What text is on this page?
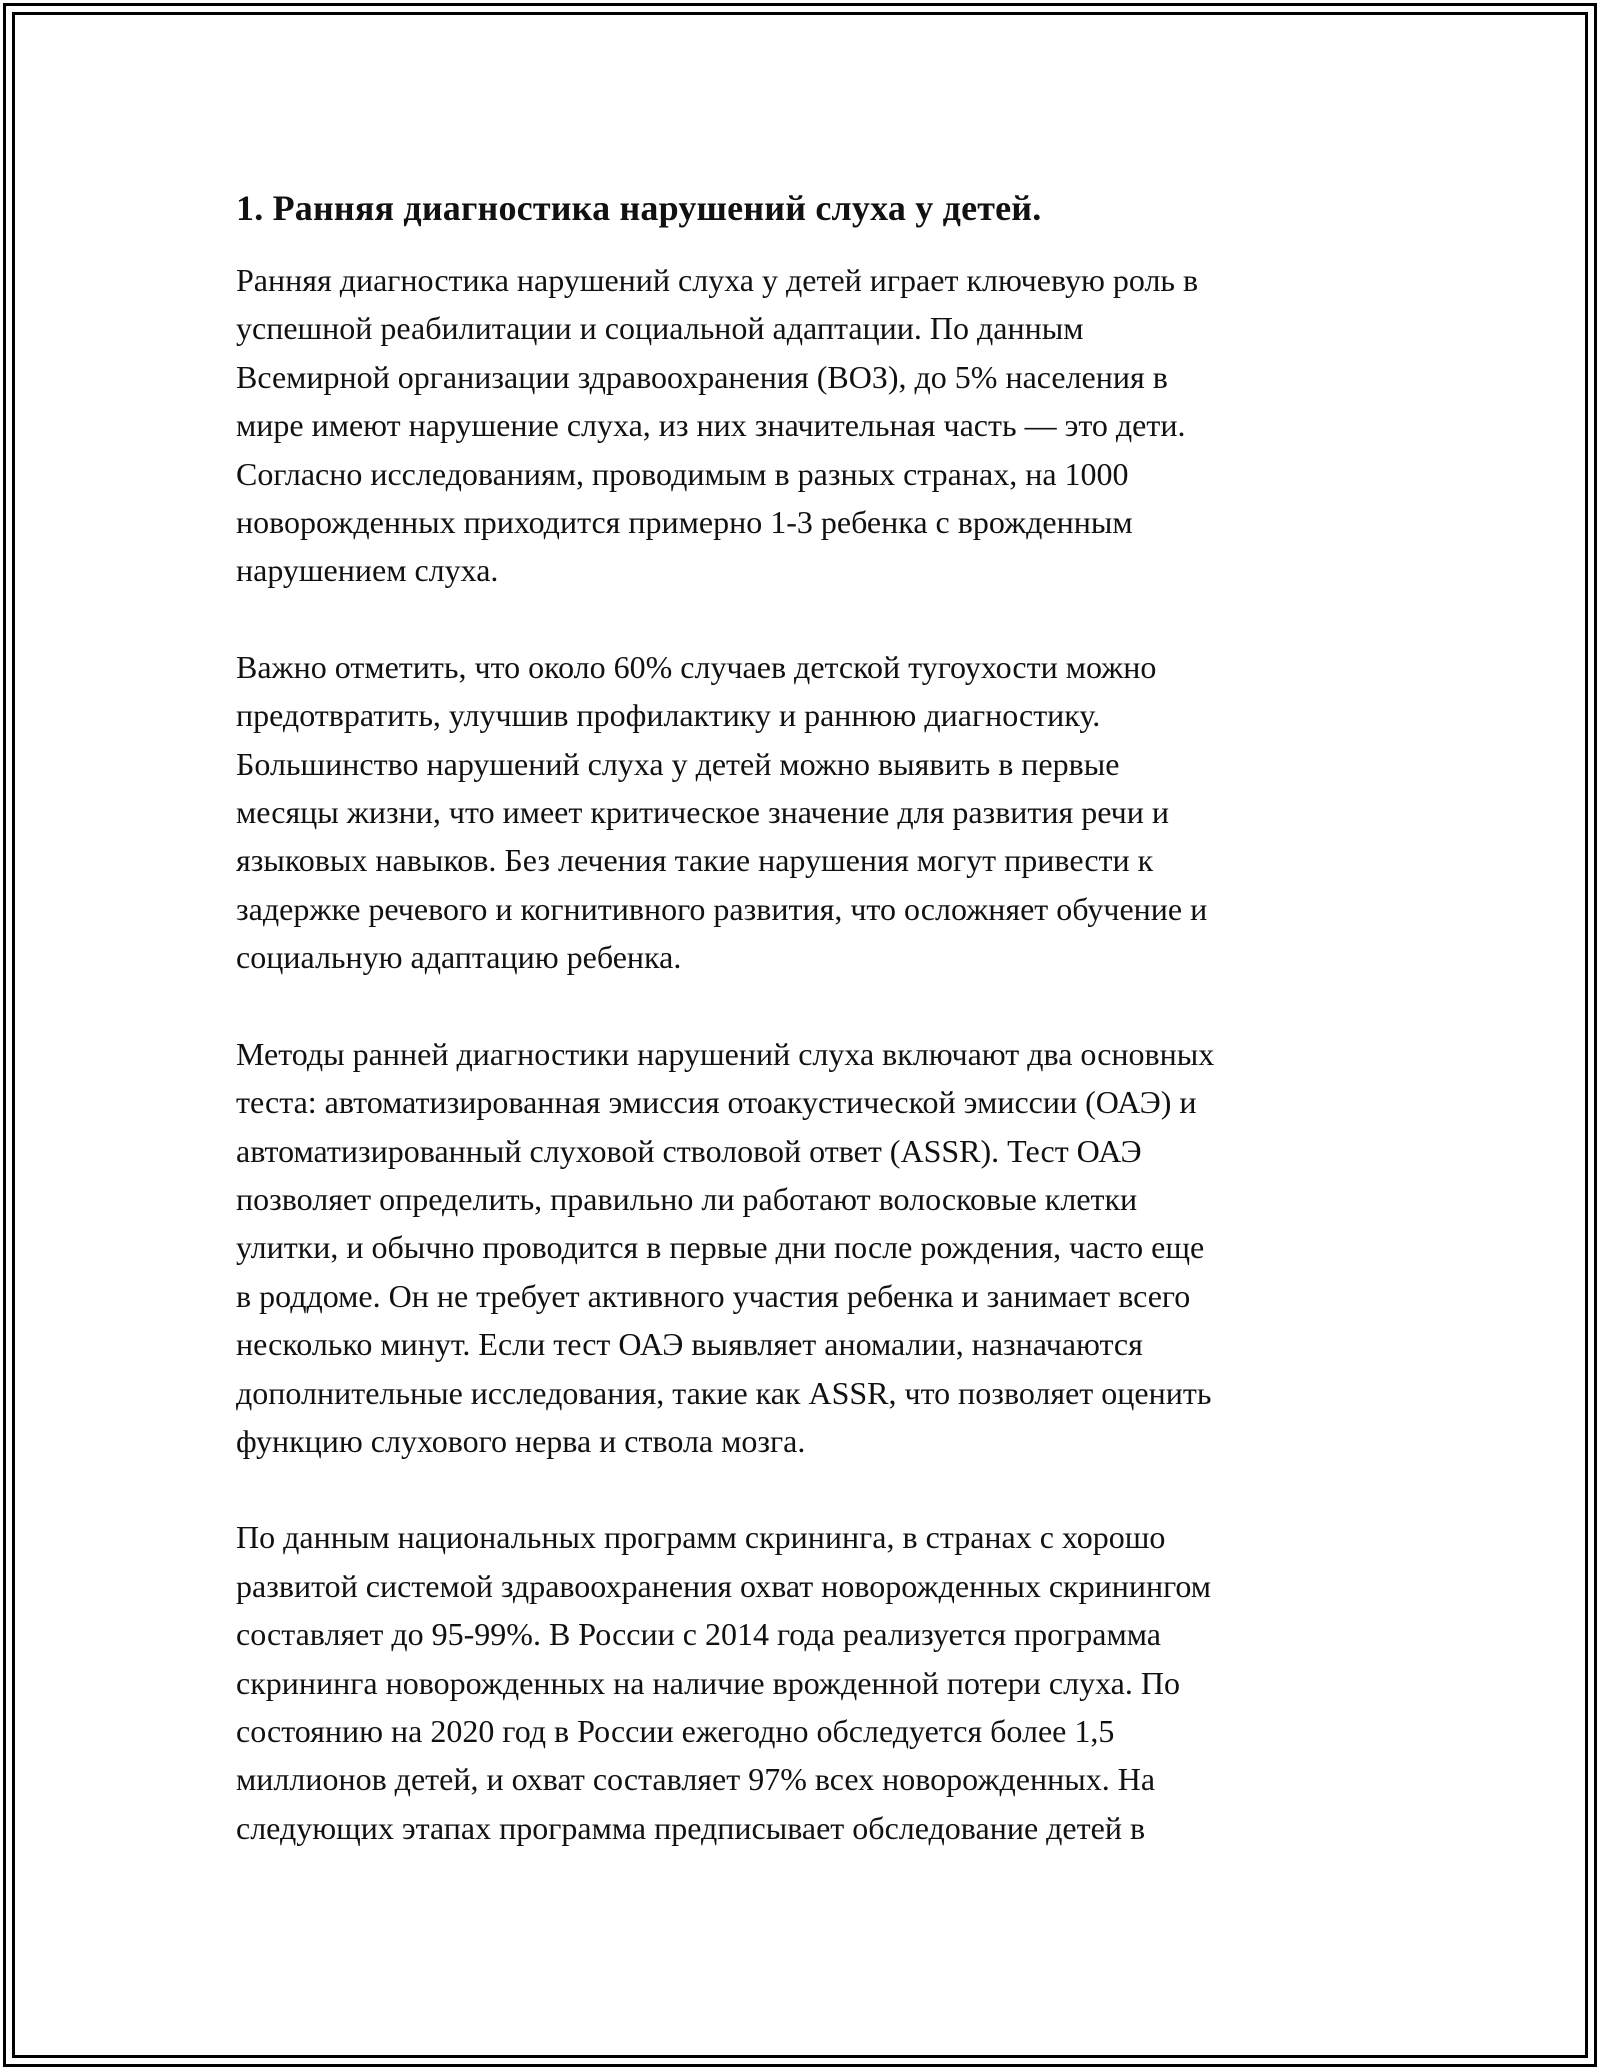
1. Ранняя диагностика нарушений слуха у детей.

Ранняя диагностика нарушений слуха у детей играет ключевую роль в
успешной реабилитации и социальной адаптации. По данным
Всемирной организации здравоохранения (ВОЗ), до 5% населения в
мире имеют нарушение слуха, из них значительная часть — это дети.
Согласно исследованиям, проводимым в разных странах, на 1000
новорожденных приходится примерно 1-3 ребенка с врожденным
нарушением слуха.

Важно отметить, что около 60% случаев детской тугоухости можно
предотвратить, улучшив профилактику и раннюю диагностику.
Большинство нарушений слуха у детей можно выявить в первые
месяцы жизни, что имеет критическое значение для развития речи и
языковых навыков. Без лечения такие нарушения могут привести к
задержке речевого и когнитивного развития, что осложняет обучение и
социальную адаптацию ребенка.

Методы ранней диагностики нарушений слуха включают два основных
теста: автоматизированная эмиссия отоакустической эмиссии (ОАЭ) и
автоматизированный слуховой стволовой ответ (ASSR). Тест ОАЭ
позволяет определить, правильно ли работают волосковые клетки
улитки, и обычно проводится в первые дни после рождения, часто еще
в роддоме. Он не требует активного участия ребенка и занимает всего
несколько минут. Если тест ОАЭ выявляет аномалии, назначаются
дополнительные исследования, такие как ASSR, что позволяет оценить
функцию слухового нерва и ствола мозга.

По данным национальных программ скрининга, в странах с хорошо
развитой системой здравоохранения охват новорожденных скринингом
составляет до 95-99%. В России с 2014 года реализуется программа
скрининга новорожденных на наличие врожденной потери слуха. По
состоянию на 2020 год в России ежегодно обследуется более 1,5
миллионов детей, и охват составляет 97% всех новорожденных. На
следующих этапах программа предписывает обследование детей в
